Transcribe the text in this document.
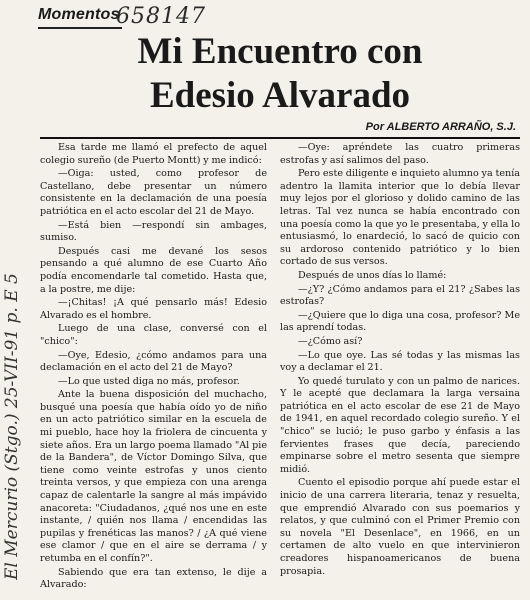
Momentos
658147
Mi Encuentro con
Edesio Alvarado
Por ALBERTO ARRAÑO, S.J.
El Mercurio (Stgo.) 25-VII-91 p. E 5

Esa tarde me llamó el prefecto de aquel colegio sureño (de Puerto Montt) y me indicó:

—Oiga: usted, como profesor de Castellano, debe presentar un número consistente en la declamación de una poesía patriótica en el acto escolar del 21 de Mayo.

—Está bien —respondí sin ambages, sumiso.

Después casi me devané los sesos pensando a qué alumno de ese Cuarto Año podía encomendarle tal cometido. Hasta que, a la postre, me dije:

—¡Chitas! ¡A qué pensarlo más! Edesio Alvarado es el hombre.

Luego de una clase, conversé con el "chico":

—Oye, Edesio, ¿cómo andamos para una declamación en el acto del 21 de Mayo?

—Lo que usted diga no más, profesor.

Ante la buena disposición del muchacho, busqué una poesía que había oído yo de niño en un acto patriótico similar en la escuela de mi pueblo, hace hoy la friolera de cincuenta y siete años. Era un largo poema llamado "Al pie de la Bandera", de Víctor Domingo Silva, que tiene como veinte estrofas y unos ciento treinta versos, y que empieza con una arenga capaz de calentarle la sangre al más impávido anacoreta: "Ciudadanos, ¿qué nos une en este instante, / quién nos llama / encendidas las pupilas y frenéticas las manos? / ¿A qué viene ese clamor / que en el aire se derrama / y retumba en el confín?".

Sabiendo que era tan extenso, le dije a Alvarado:

—Oye: apréndete las cuatro primeras estrofas y así salimos del paso.

Pero este diligente e inquieto alumno ya tenía adentro la llamita interior que lo debía llevar muy lejos por el glorioso y dolido camino de las letras. Tal vez nunca se había encontrado con una poesía como la que yo le presentaba, y ella lo entusiasmó, lo enardeció, lo sacó de quicio con su ardoroso contenido patriótico y lo bien cortado de sus versos.

Después de unos días lo llamé:

—¿Y? ¿Cómo andamos para el 21? ¿Sabes las estrofas?

—¿Quiere que lo diga una cosa, profesor? Me las aprendí todas.

—¿Cómo así?

—Lo que oye. Las sé todas y las mismas las voy a declamar el 21.

Yo quedé turulato y con un palmo de narices. Y le acepté que declamara la larga versaina patriótica en el acto escolar de ese 21 de Mayo de 1941, en aquel recordado colegio sureño. Y el "chico" se lució; le puso garbo y énfasis a las fervientes frases que decía, pareciendo empinarse sobre el metro sesenta que siempre midió.

Cuento el episodio porque ahí puede estar el inicio de una carrera literaria, tenaz y resuelta, que emprendió Alvarado con sus poemarios y relatos, y que culminó con el Primer Premio con su novela "El Desenlace", en 1966, en un certamen de alto vuelo en que intervinieron creadores hispanoamericanos de buena prosapia.
